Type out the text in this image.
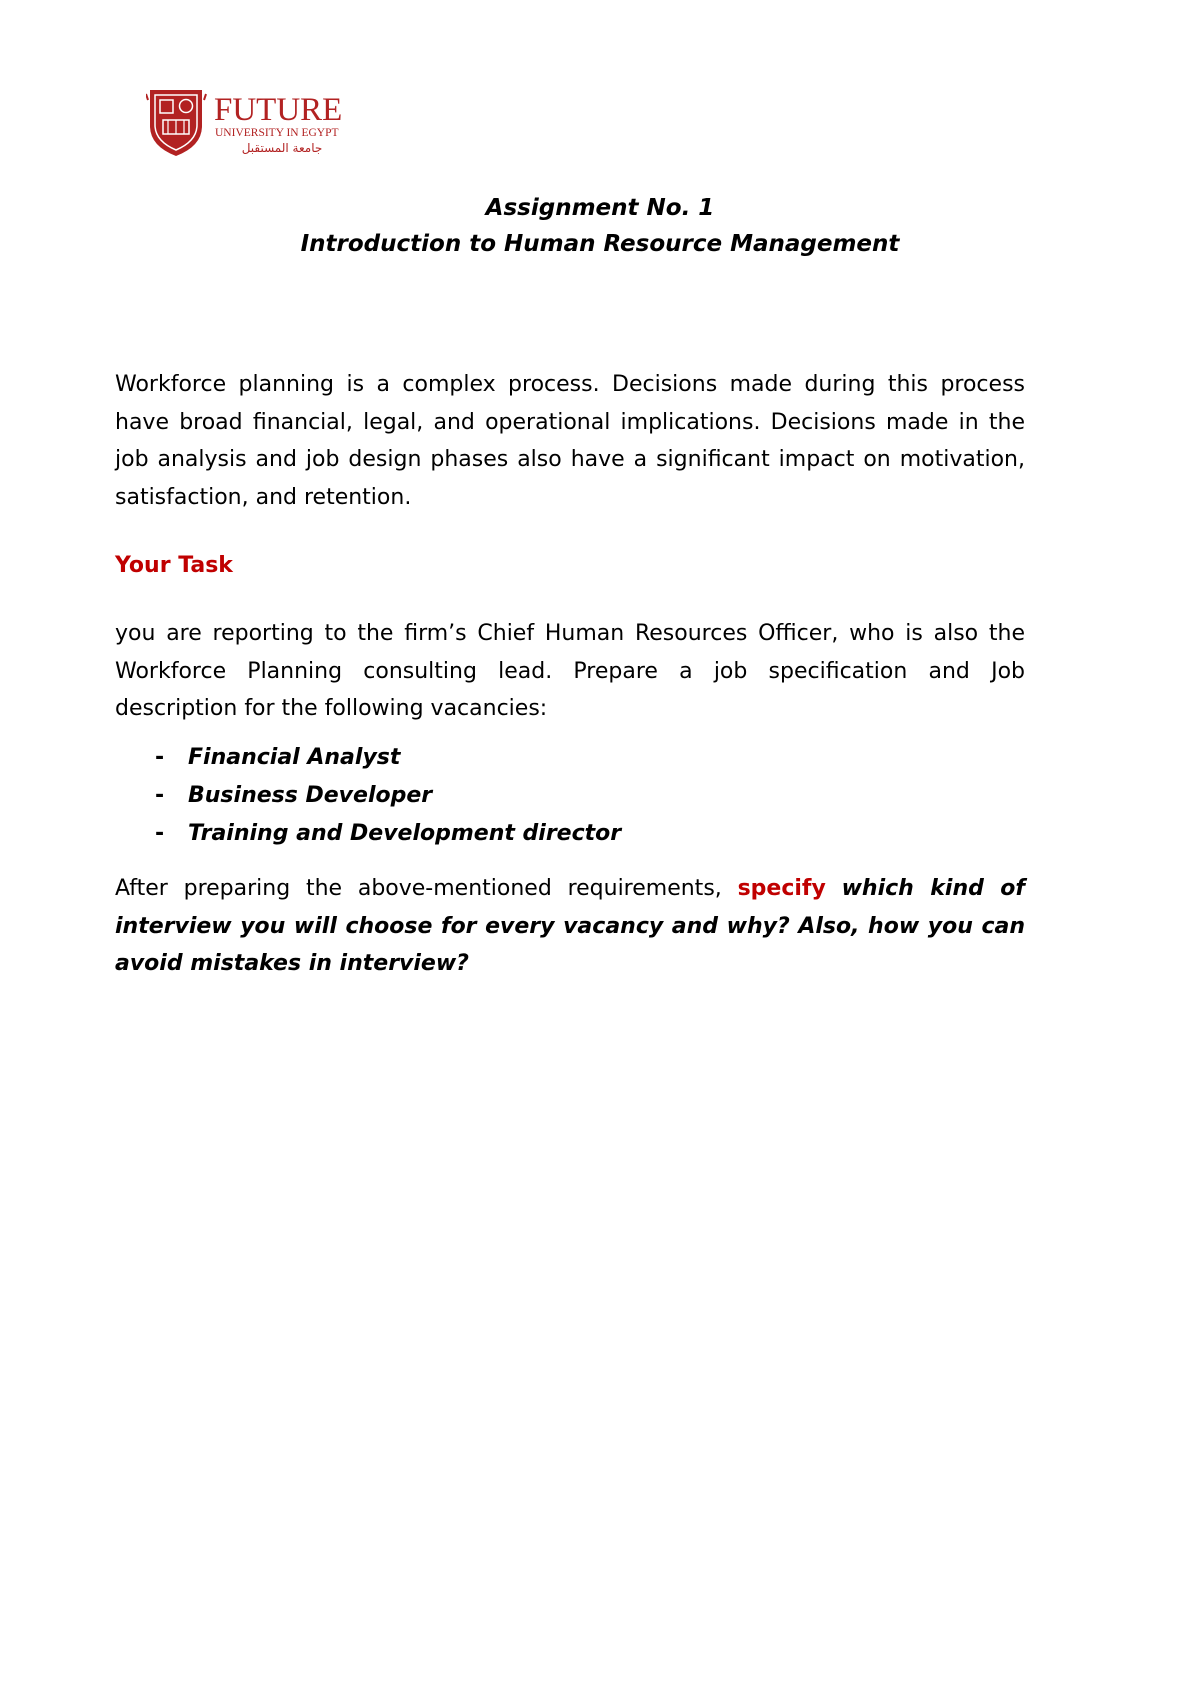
FUTURE
UNIVERSITY IN EGYPT
جامعة المستقبل
Assignment No. 1
Introduction to Human Resource Management
Workforce planning is a complex process. Decisions made during this process have broad financial, legal, and operational implications. Decisions made in the job analysis and job design phases also have a significant impact on motivation, satisfaction, and retention.
Your Task
you are reporting to the firm’s Chief Human Resources Officer, who is also the Workforce Planning consulting lead. Prepare a job specification and Job description for the following vacancies:
-	Financial Analyst
-	Business Developer
-	Training and Development director
After preparing the above-mentioned requirements, specify which kind of interview you will choose for every vacancy and why? Also, how you can avoid mistakes in interview?
